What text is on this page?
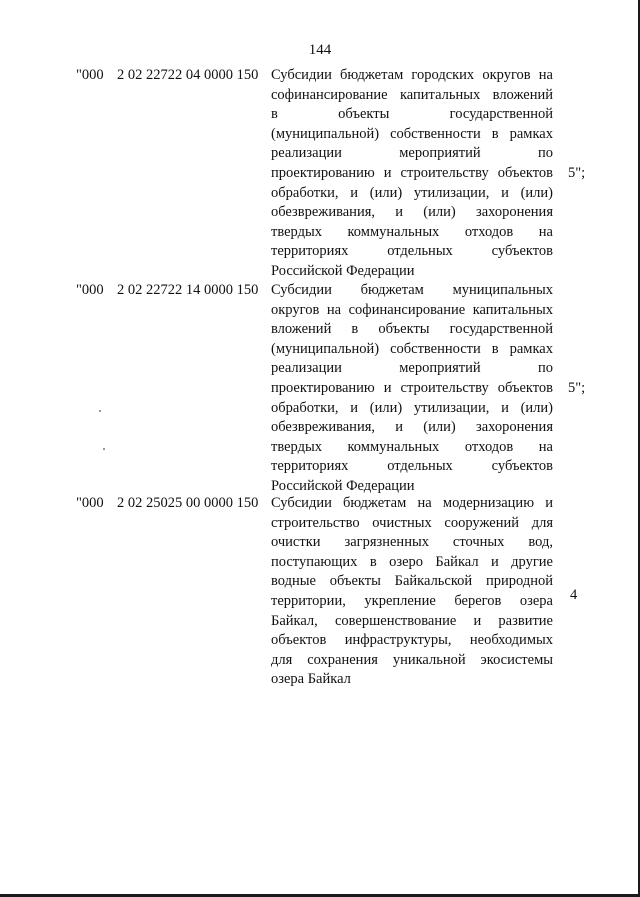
144
"000 2 02 22722 04 0000 150 Субсидии бюджетам городских округов на
софинансирование капитальных вложений
в объекты государственной
(муниципальной) собственности в рамках
реализации мероприятий по
проектированию и строительству объектов
обработки, и (или) утилизации, и (или)
обезвреживания, и (или) захоронения
твердых коммунальных отходов на
территориях отдельных субъектов
Российской Федерации
5";
"000 2 02 22722 14 0000 150 Субсидии бюджетам муниципальных
округов на софинансирование капитальных
вложений в объекты государственной
(муниципальной) собственности в рамках
реализации мероприятий по
проектированию и строительству объектов
обработки, и (или) утилизации, и (или)
обезвреживания, и (или) захоронения
твердых коммунальных отходов на
территориях отдельных субъектов
Российской Федерации
5";
"000 2 02 25025 00 0000 150 Субсидии бюджетам на модернизацию и
строительство очистных сооружений для
очистки загрязненных сточных вод,
поступающих в озеро Байкал и другие
водные объекты Байкальской природной
территории, укрепление берегов озера
Байкал, совершенствование и развитие
объектов инфраструктуры, необходимых
для сохранения уникальной экосистемы
озера Байкал
4
